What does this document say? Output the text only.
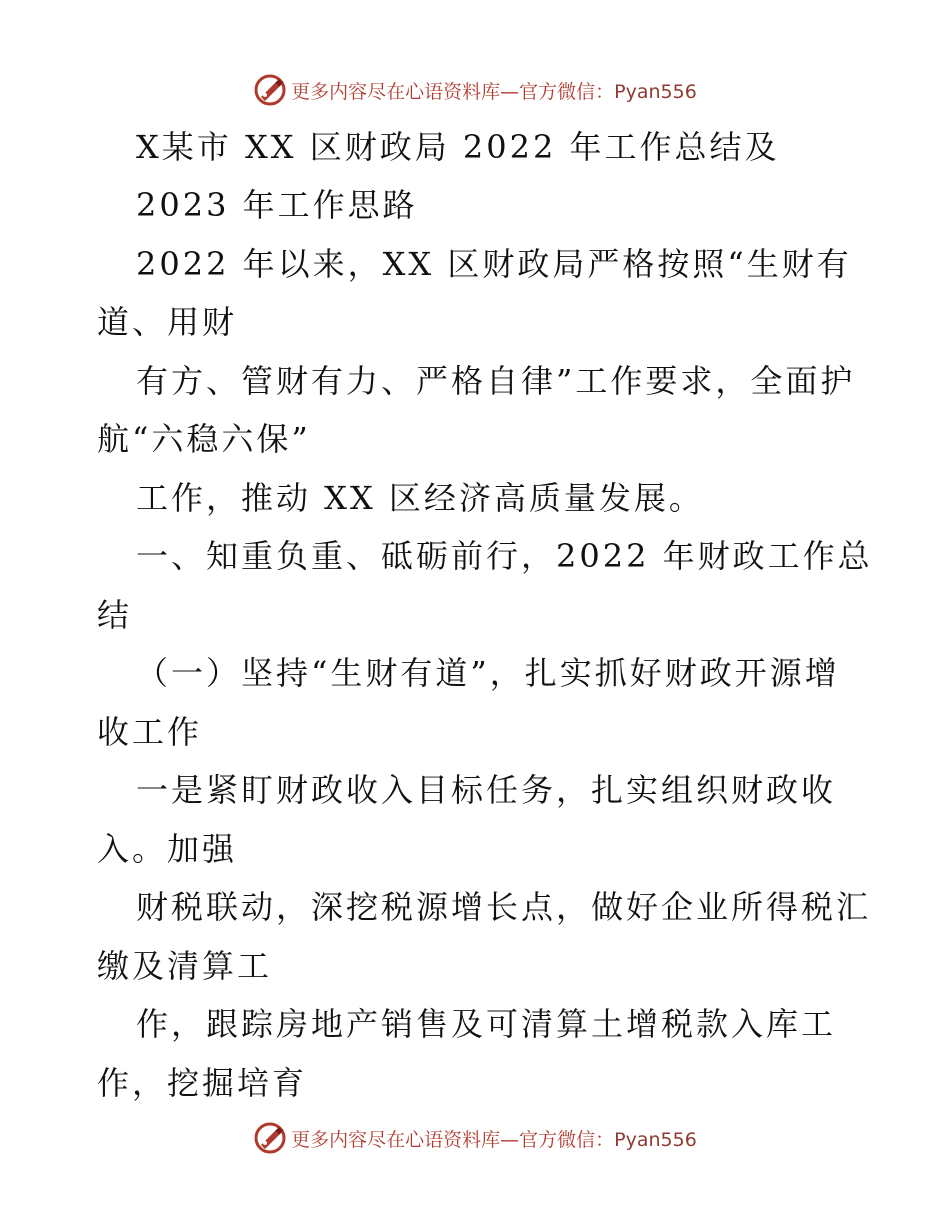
更多内容尽在心语资料库—官方微信：Pyan556
X某市 XX 区财政局 2022 年工作总结及
2023 年工作思路
2022 年以来，XX 区财政局严格按照“生财有
道、用财
有方、管财有力、严格自律”工作要求，全面护
航“六稳六保”
工作，推动 XX 区经济高质量发展。
一、知重负重、砥砺前行，2022 年财政工作总
结
（一）坚持“生财有道”，扎实抓好财政开源增
收工作
一是紧盯财政收入目标任务，扎实组织财政收
入。加强
财税联动，深挖税源增长点，做好企业所得税汇
缴及清算工
作，跟踪房地产销售及可清算土增税款入库工
作，挖掘培育
更多内容尽在心语资料库—官方微信：Pyan556
